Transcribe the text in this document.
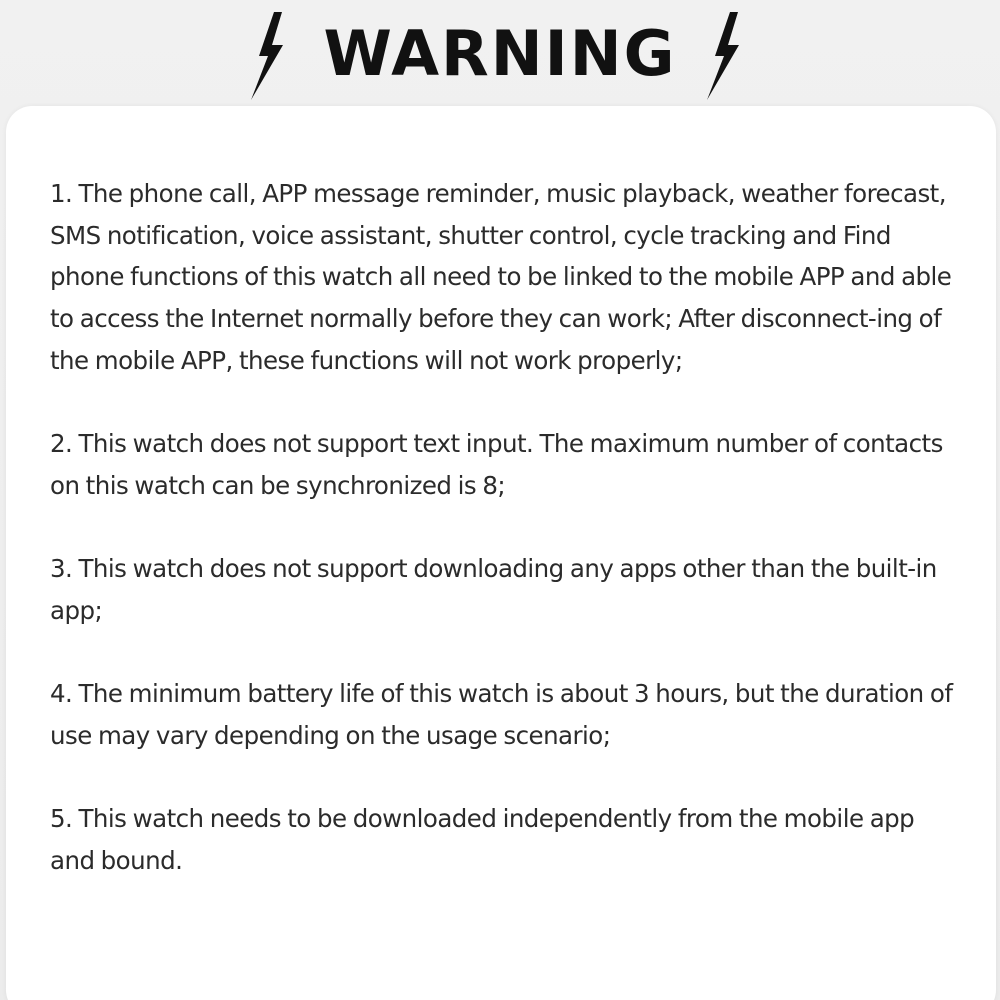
WARNING
1. The phone call, APP message reminder, music playback, weather forecast, SMS notification, voice assistant, shutter control, cycle tracking and Find phone functions of this watch all need to be linked to the mobile APP and able to access the Internet normally before they can work; After disconnect-ing of the mobile APP, these functions will not work properly;
2. This watch does not support text input. The maximum number of contacts on this watch can be synchronized is 8;
3. This watch does not support downloading any apps other than the built-in app;
4. The minimum battery life of this watch is about 3 hours, but the duration of use may vary depending on the usage scenario;
5. This watch needs to be downloaded independently from the mobile app and bound.
